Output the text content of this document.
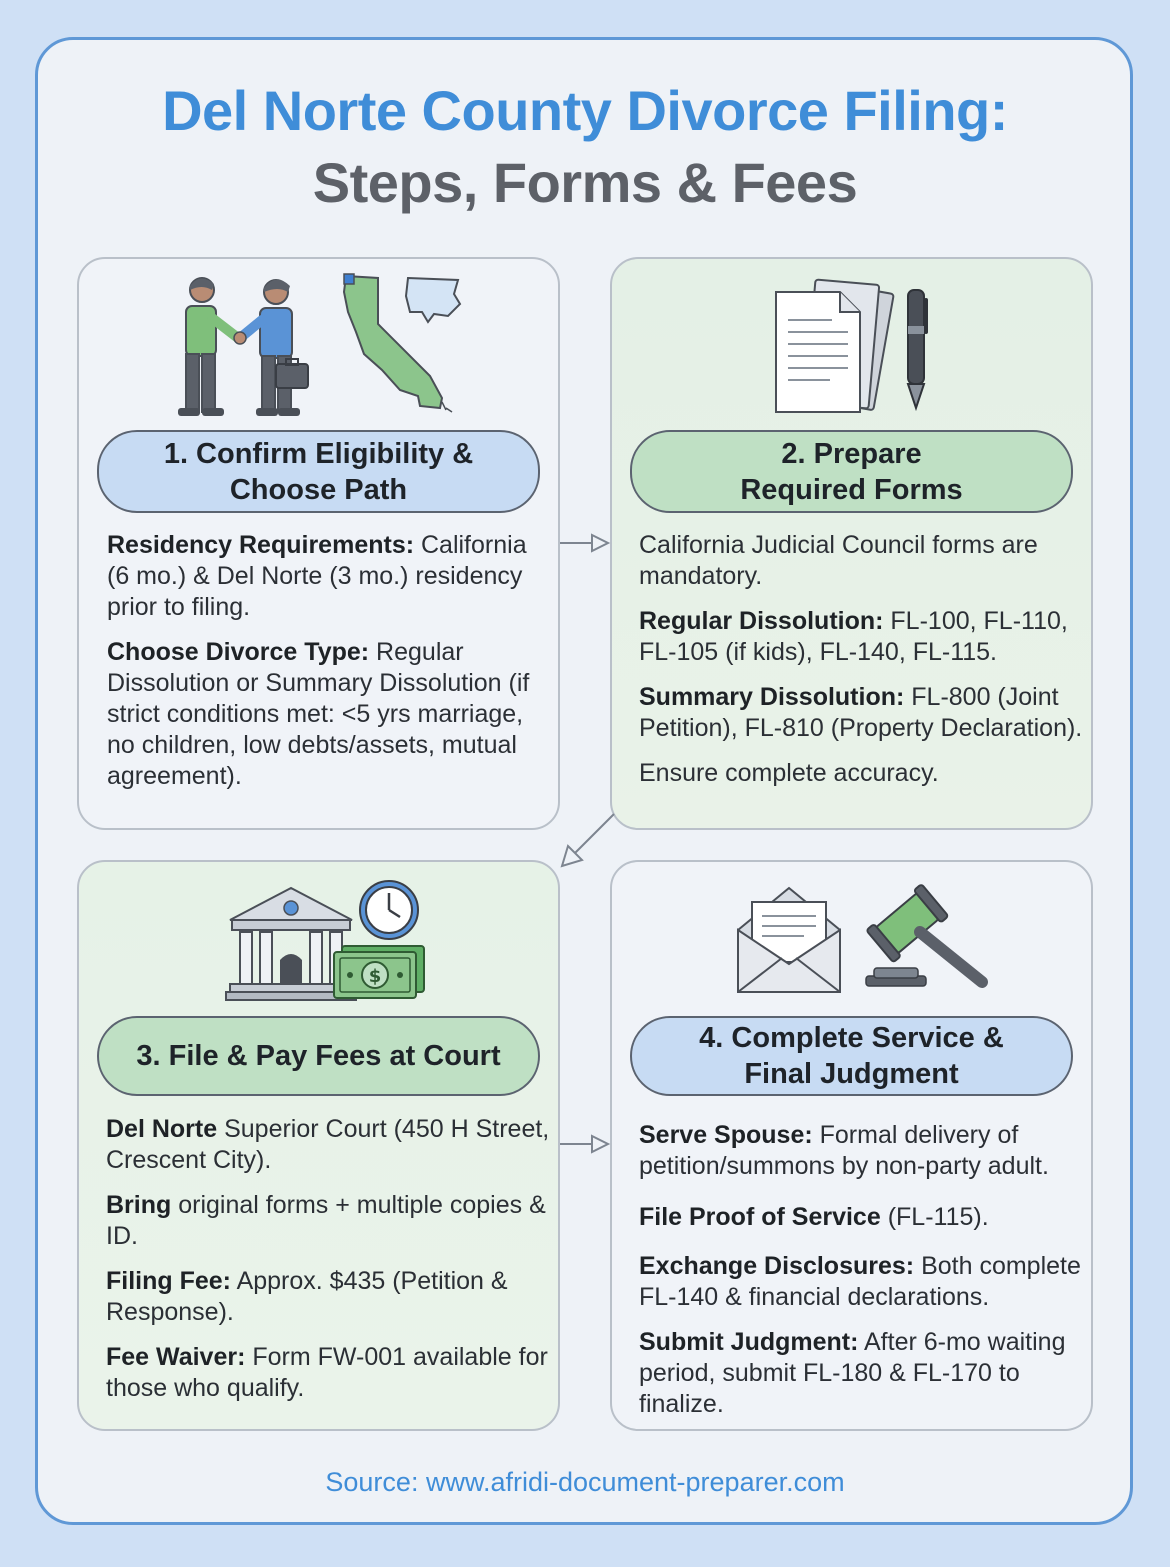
Del Norte County Divorce Filing:
Steps, Forms & Fees
$
1. Confirm Eligibility &
Choose Path
2. Prepare
Required Forms
3. File & Pay Fees at Court
4. Complete Service &
Final Judgment

Residency Requirements: California (6 mo.) & Del Norte (3 mo.) residency prior to filing.

Choose Divorce Type: Regular Dissolution or Summary Dissolution (if strict conditions met: <5 yrs marriage, no children, low debts/assets, mutual agreement).

California Judicial Council forms are mandatory.

Regular Dissolution: FL-100, FL-110, FL-105 (if kids), FL-140, FL-115.

Summary Dissolution: FL-800 (Joint Petition), FL-810 (Property Declaration).

Ensure complete accuracy.

Del Norte Superior Court (450 H Street, Crescent City).

Bring original forms + multiple copies & ID.

Filing Fee: Approx. $435 (Petition & Response).

Fee Waiver: Form FW-001 available for those who qualify.

Serve Spouse: Formal delivery of petition/summons by non-party adult.

File Proof of Service (FL-115).

Exchange Disclosures: Both complete FL-140 & financial declarations.

Submit Judgment: After 6-mo waiting period, submit FL-180 & FL-170 to finalize.

Source: www.afridi-document-preparer.com
